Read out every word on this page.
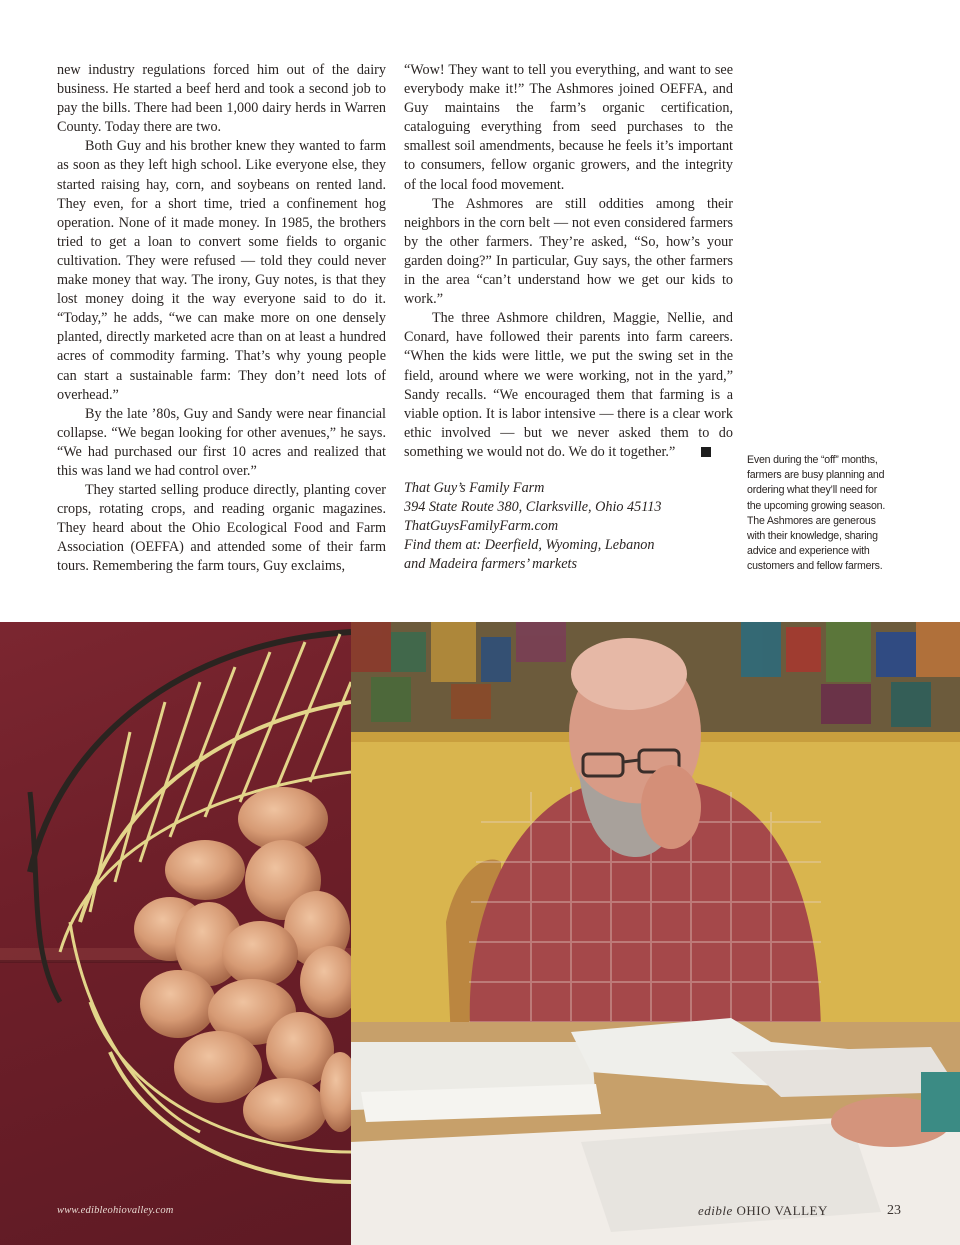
new industry regulations forced him out of the dairy business. He started a beef herd and took a second job to pay the bills. There had been 1,000 dairy herds in Warren County. Today there are two.

Both Guy and his brother knew they wanted to farm as soon as they left high school. Like everyone else, they started raising hay, corn, and soybeans on rented land. They even, for a short time, tried a confinement hog operation. None of it made money. In 1985, the brothers tried to get a loan to convert some fields to organic cultivation. They were refused — told they could never make money that way. The irony, Guy notes, is that they lost money doing it the way everyone said to do it. “Today,” he adds, “we can make more on one densely planted, directly marketed acre than on at least a hundred acres of commodity farming. That’s why young people can start a sustainable farm: They don’t need lots of overhead.”

By the late ’80s, Guy and Sandy were near financial collapse. “We began looking for other avenues,” he says. “We had purchased our first 10 acres and realized that this was land we had control over.”

They started selling produce directly, planting cover crops, rotating crops, and reading organic magazines. They heard about the Ohio Ecological Food and Farm Association (OEFFA) and attended some of their farm tours. Remembering the farm tours, Guy exclaims,

“Wow! They want to tell you everything, and want to see everybody make it!” The Ashmores joined OEFFA, and Guy maintains the farm’s organic certification, cataloguing everything from seed purchases to the smallest soil amendments, because he feels it’s important to consumers, fellow organic growers, and the integrity of the local food movement.

The Ashmores are still oddities among their neighbors in the corn belt — not even considered farmers by the other farmers. They’re asked, “So, how’s your garden doing?” In particular, Guy says, the other farmers in the area “can’t understand how we get our kids to work.”

The three Ashmore children, Maggie, Nellie, and Conard, have followed their parents into farm careers. “When the kids were little, we put the swing set in the field, around where we were working, not in the yard,” Sandy recalls. “We encouraged them that farming is a viable option. It is labor intensive — there is a clear work ethic involved — but we never asked them to do something we would not do. We do it together.”

That Guy’s Family Farm
394 State Route 380, Clarksville, Ohio 45113
ThatGuysFamilyFarm.com
Find them at: Deerfield, Wyoming, Lebanon
and Madeira farmers’ markets

Even during the “off” months, farmers are busy planning and ordering what they’ll need for the upcoming growing season. The Ashmores are generous with their knowledge, sharing advice and experience with customers and fellow farmers.
www.edibleohiovalley.com	edible OHIO VALLEY	23
